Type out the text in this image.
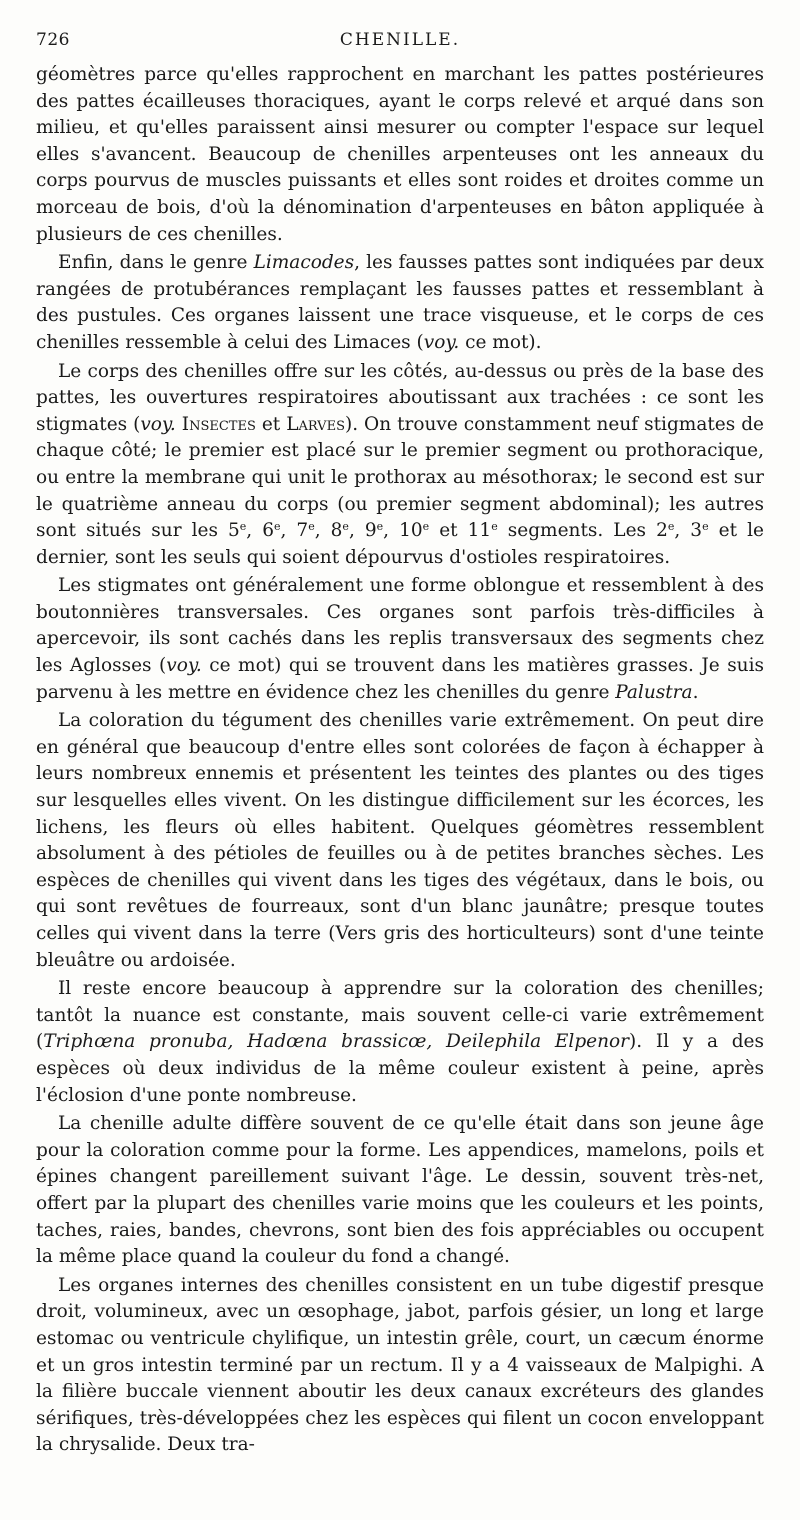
726	CHENILLE.

géomètres parce qu'elles rapprochent en marchant les pattes postérieures des pattes écailleuses thoraciques, ayant le corps relevé et arqué dans son milieu, et qu'elles paraissent ainsi mesurer ou compter l'espace sur lequel elles s'avancent. Beaucoup de chenilles arpenteuses ont les anneaux du corps pourvus de muscles puissants et elles sont roides et droites comme un morceau de bois, d'où la dénomination d'arpenteuses en bâton appliquée à plusieurs de ces chenilles.

Enfin, dans le genre Limacodes, les fausses pattes sont indiquées par deux rangées de protubérances remplaçant les fausses pattes et ressemblant à des pustules. Ces organes laissent une trace visqueuse, et le corps de ces chenilles ressemble à celui des Limaces (voy. ce mot).

Le corps des chenilles offre sur les côtés, au-dessus ou près de la base des pattes, les ouvertures respiratoires aboutissant aux trachées : ce sont les stigmates (voy. Insectes et Larves). On trouve constamment neuf stigmates de chaque côté; le premier est placé sur le premier segment ou prothoracique, ou entre la membrane qui unit le prothorax au mésothorax; le second est sur le quatrième anneau du corps (ou premier segment abdominal); les autres sont situés sur les 5e, 6e, 7e, 8e, 9e, 10e et 11e segments. Les 2e, 3e et le dernier, sont les seuls qui soient dépourvus d'ostioles respiratoires.

Les stigmates ont généralement une forme oblongue et ressemblent à des boutonnières transversales. Ces organes sont parfois très-difficiles à apercevoir, ils sont cachés dans les replis transversaux des segments chez les Aglosses (voy. ce mot) qui se trouvent dans les matières grasses. Je suis parvenu à les mettre en évidence chez les chenilles du genre Palustra.

La coloration du tégument des chenilles varie extrêmement. On peut dire en général que beaucoup d'entre elles sont colorées de façon à échapper à leurs nombreux ennemis et présentent les teintes des plantes ou des tiges sur lesquelles elles vivent. On les distingue difficilement sur les écorces, les lichens, les fleurs où elles habitent. Quelques géomètres ressemblent absolument à des pétioles de feuilles ou à de petites branches sèches. Les espèces de chenilles qui vivent dans les tiges des végétaux, dans le bois, ou qui sont revêtues de fourreaux, sont d'un blanc jaunâtre; presque toutes celles qui vivent dans la terre (Vers gris des horticulteurs) sont d'une teinte bleuâtre ou ardoisée.

Il reste encore beaucoup à apprendre sur la coloration des chenilles; tantôt la nuance est constante, mais souvent celle-ci varie extrêmement (Triphœna pronuba, Hadœna brassicœ, Deilephila Elpenor). Il y a des espèces où deux individus de la même couleur existent à peine, après l'éclosion d'une ponte nombreuse.

La chenille adulte diffère souvent de ce qu'elle était dans son jeune âge pour la coloration comme pour la forme. Les appendices, mamelons, poils et épines changent pareillement suivant l'âge. Le dessin, souvent très-net, offert par la plupart des chenilles varie moins que les couleurs et les points, taches, raies, bandes, chevrons, sont bien des fois appréciables ou occupent la même place quand la couleur du fond a changé.

Les organes internes des chenilles consistent en un tube digestif presque droit, volumineux, avec un œsophage, jabot, parfois gésier, un long et large estomac ou ventricule chylifique, un intestin grêle, court, un cæcum énorme et un gros intestin terminé par un rectum. Il y a 4 vaisseaux de Malpighi. A la filière buccale viennent aboutir les deux canaux excréteurs des glandes sérifiques, très-développées chez les espèces qui filent un cocon enveloppant la chrysalide. Deux tra-
